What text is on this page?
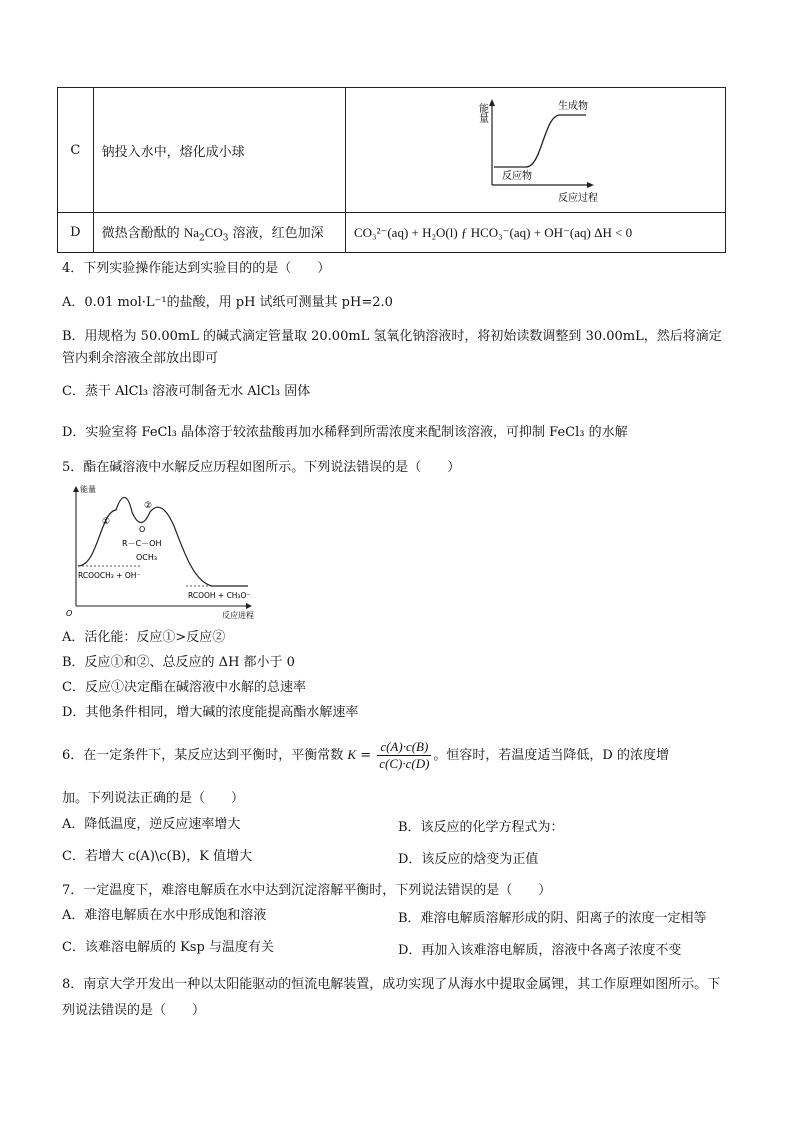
C	钠投入水中，熔化成小球	能量
反应物
生成物
反应过程

D	微热含酚酞的 $Na_2CO_3$ 溶液，红色加深	CO₃²⁻(aq) + H₂O(l) ƒ HCO₃⁻(aq) + OH⁻(aq) ΔH < 0
4．下列实验操作能达到实验目的的是（　　）
A．0.01 mol·L⁻¹的盐酸，用 pH 试纸可测量其 pH=2.0
B．用规格为 50.00mL 的碱式滴定管量取 20.00mL 氢氧化钠溶液时，将初始读数调整到 30.00mL，然后将滴定管内剩余溶液全部放出即可
C．蒸干 AlCl₃ 溶液可制备无水 AlCl₃ 固体
D．实验室将 FeCl₃ 晶体溶于较浓盐酸再加水稀释到所需浓度来配制该溶液，可抑制 FeCl₃ 的水解
5．酯在碱溶液中水解反应历程如图所示。下列说法错误的是（　　）
能量
O	反应进程
①
②
O
R－C－OH
OCH₃
RCOOCH₃ + OH⁻
RCOOH + CH₃O⁻
A．活化能：反应①>反应②
B．反应①和②、总反应的 ΔH 都小于 0
C．反应①决定酯在碱溶液中水解的总速率
D．其他条件相同，增大碱的浓度能提高酯水解速率
6．在一定条件下，某反应达到平衡时，平衡常数 $K = \frac{c(A)\cdot c(B)}{c(C)\cdot c(D)}$ 。恒容时，若温度适当降低，D 的浓度增
加。下列说法正确的是（　　）
A．降低温度，逆反应速率增大	B．该反应的化学方程式为：
C．若增大 c(A)\c(B)，K 值增大	D．该反应的焓变为正值
7．一定温度下，难溶电解质在水中达到沉淀溶解平衡时，下列说法错误的是（　　）
A．难溶电解质在水中形成饱和溶液	B．难溶电解质溶解形成的阴、阳离子的浓度一定相等
C．该难溶电解质的 Ksp 与温度有关	D．再加入该难溶电解质，溶液中各离子浓度不变
8．南京大学开发出一种以太阳能驱动的恒流电解装置，成功实现了从海水中提取金属锂，其工作原理如图所示。下列说法错误的是（　　）
